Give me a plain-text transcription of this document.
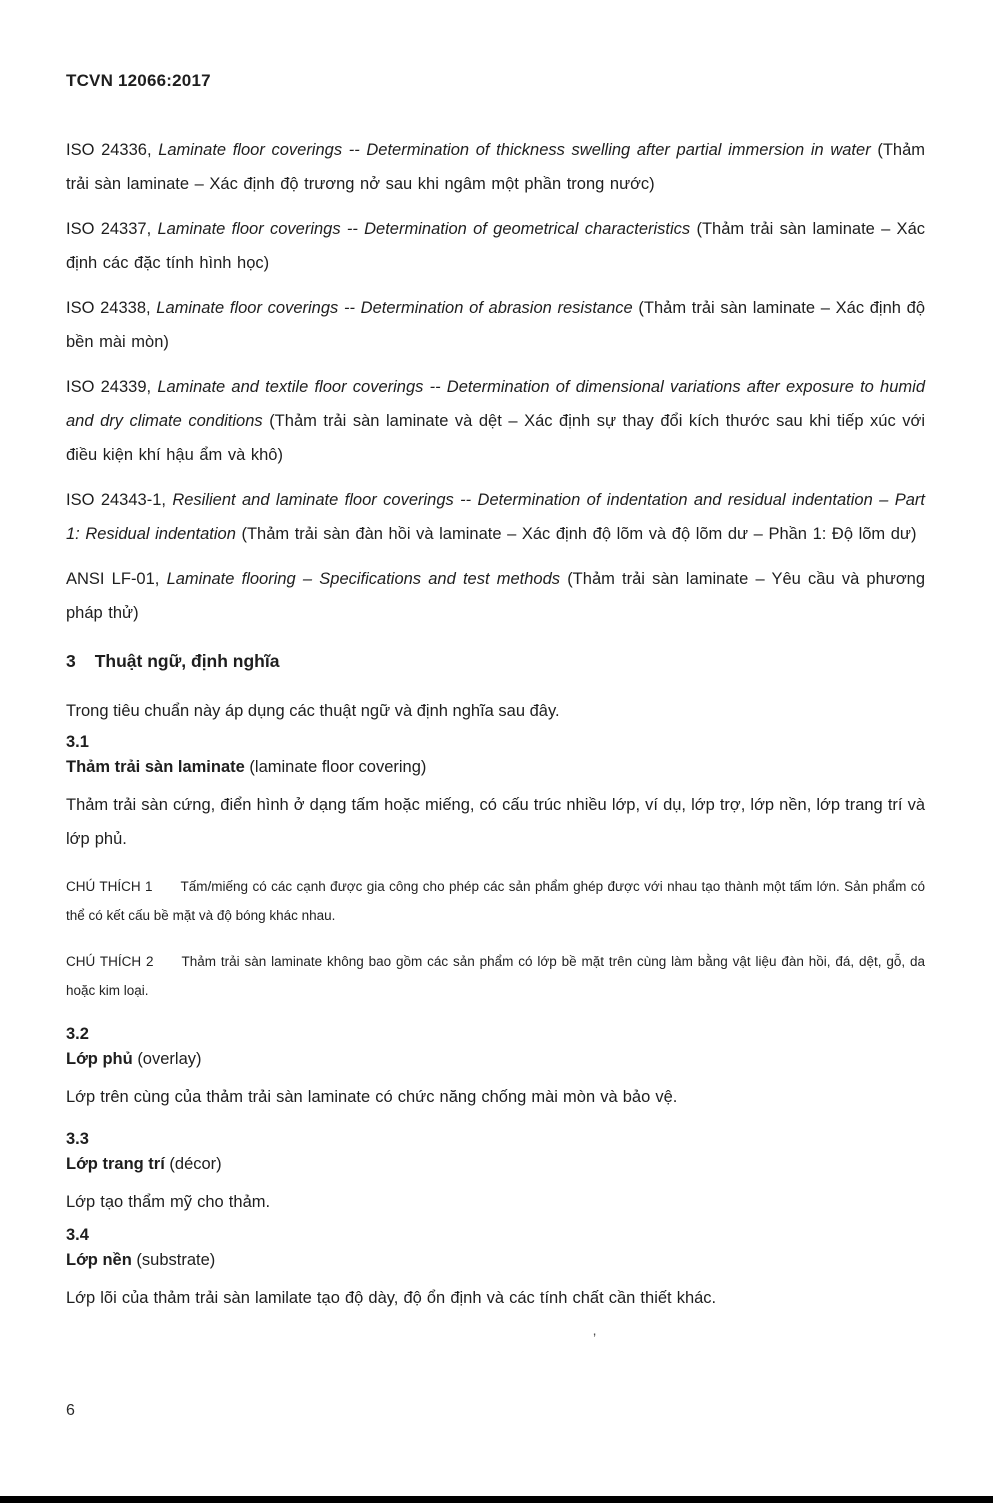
TCVN 12066:2017

ISO 24336, Laminate floor coverings -- Determination of thickness swelling after partial immersion in water (Thảm trải sàn laminate – Xác định độ trương nở sau khi ngâm một phần trong nước)

ISO 24337, Laminate floor coverings -- Determination of geometrical characteristics (Thảm trải sàn laminate – Xác định các đặc tính hình học)

ISO 24338, Laminate floor coverings -- Determination of abrasion resistance (Thảm trải sàn laminate – Xác định độ bền mài mòn)

ISO 24339, Laminate and textile floor coverings -- Determination of dimensional variations after exposure to humid and dry climate conditions (Thảm trải sàn laminate và dệt – Xác định sự thay đổi kích thước sau khi tiếp xúc với điều kiện khí hậu ẩm và khô)

ISO 24343-1, Resilient and laminate floor coverings -- Determination of indentation and residual indentation – Part 1: Residual indentation (Thảm trải sàn đàn hồi và laminate – Xác định độ lõm và độ lõm dư – Phần 1: Độ lõm dư)

ANSI LF-01, Laminate flooring – Specifications and test methods (Thảm trải sàn laminate – Yêu cầu và phương pháp thử)

3 Thuật ngữ, định nghĩa

Trong tiêu chuẩn này áp dụng các thuật ngữ và định nghĩa sau đây.

3.1
Thảm trải sàn laminate (laminate floor covering)

Thảm trải sàn cứng, điển hình ở dạng tấm hoặc miếng, có cấu trúc nhiều lớp, ví dụ, lớp trợ, lớp nền, lớp trang trí và lớp phủ.

CHÚ THÍCH 1 Tấm/miếng có các cạnh được gia công cho phép các sản phẩm ghép được với nhau tạo thành một tấm lớn. Sản phẩm có thể có kết cấu bề mặt và độ bóng khác nhau.

CHÚ THÍCH 2 Thảm trải sàn laminate không bao gồm các sản phẩm có lớp bề mặt trên cùng làm bằng vật liệu đàn hồi, đá, dệt, gỗ, da hoặc kim loại.

3.2
Lớp phủ (overlay)

Lớp trên cùng của thảm trải sàn laminate có chức năng chống mài mòn và bảo vệ.

3.3
Lớp trang trí (décor)

Lớp tạo thẩm mỹ cho thảm.

3.4
Lớp nền (substrate)

Lớp lõi của thảm trải sàn lamilate tạo độ dày, độ ổn định và các tính chất cần thiết khác.

’
6
